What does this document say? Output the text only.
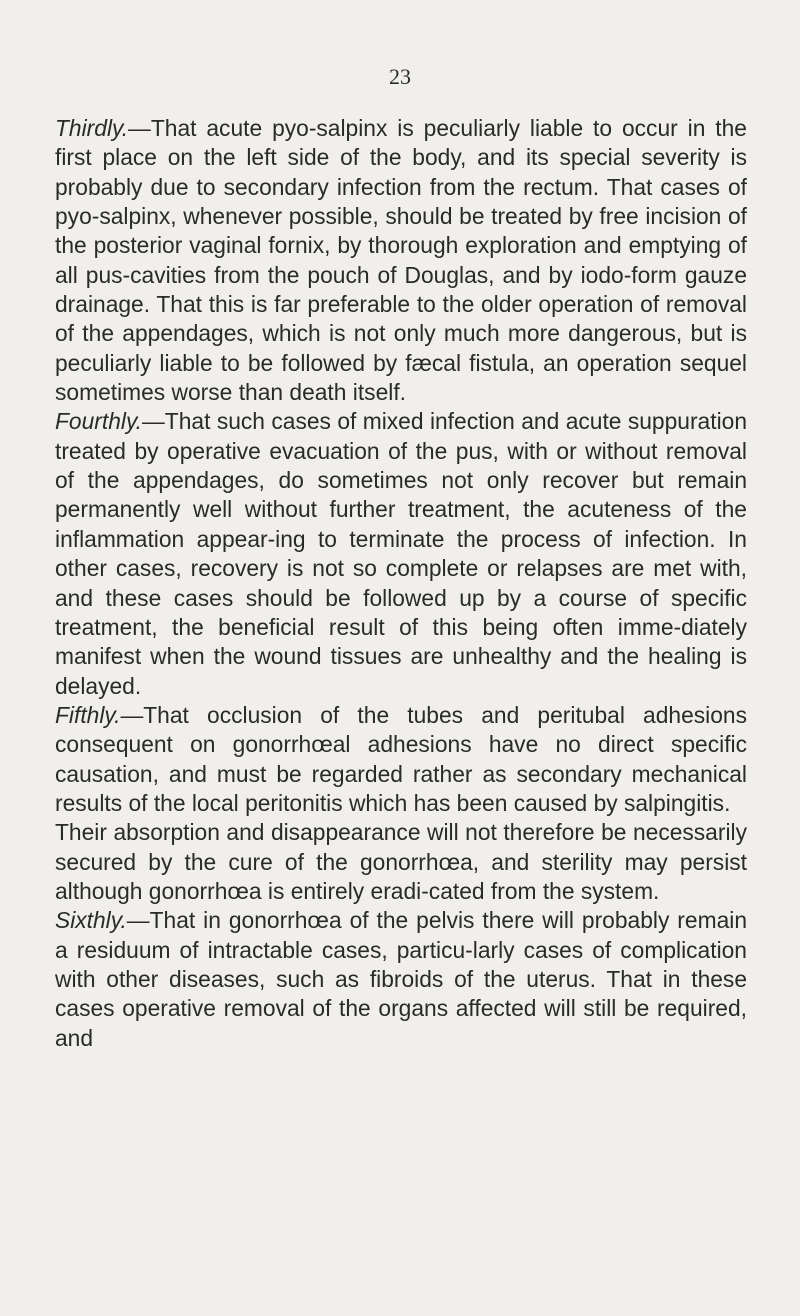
23

Thirdly.—That acute pyo-salpinx is peculiarly liable to occur in the first place on the left side of the body, and its special severity is probably due to secondary infection from the rectum. That cases of pyo-salpinx, whenever possible, should be treated by free incision of the posterior vaginal fornix, by thorough exploration and emptying of all pus-cavities from the pouch of Douglas, and by iodo-form gauze drainage. That this is far preferable to the older operation of removal of the appendages, which is not only much more dangerous, but is peculiarly liable to be followed by fæcal fistula, an operation sequel sometimes worse than death itself.

Fourthly.—That such cases of mixed infection and acute suppuration treated by operative evacuation of the pus, with or without removal of the appendages, do sometimes not only recover but remain permanently well without further treatment, the acuteness of the inflammation appear-ing to terminate the process of infection. In other cases, recovery is not so complete or relapses are met with, and these cases should be followed up by a course of specific treatment, the beneficial result of this being often imme-diately manifest when the wound tissues are unhealthy and the healing is delayed.

Fifthly.—That occlusion of the tubes and peritubal adhesions consequent on gonorrhœal adhesions have no direct specific causation, and must be regarded rather as secondary mechanical results of the local peritonitis which has been caused by salpingitis.

Their absorption and disappearance will not therefore be necessarily secured by the cure of the gonorrhœa, and sterility may persist although gonorrhœa is entirely eradi-cated from the system.

Sixthly.—That in gonorrhœa of the pelvis there will probably remain a residuum of intractable cases, particu-larly cases of complication with other diseases, such as fibroids of the uterus. That in these cases operative removal of the organs affected will still be required, and
